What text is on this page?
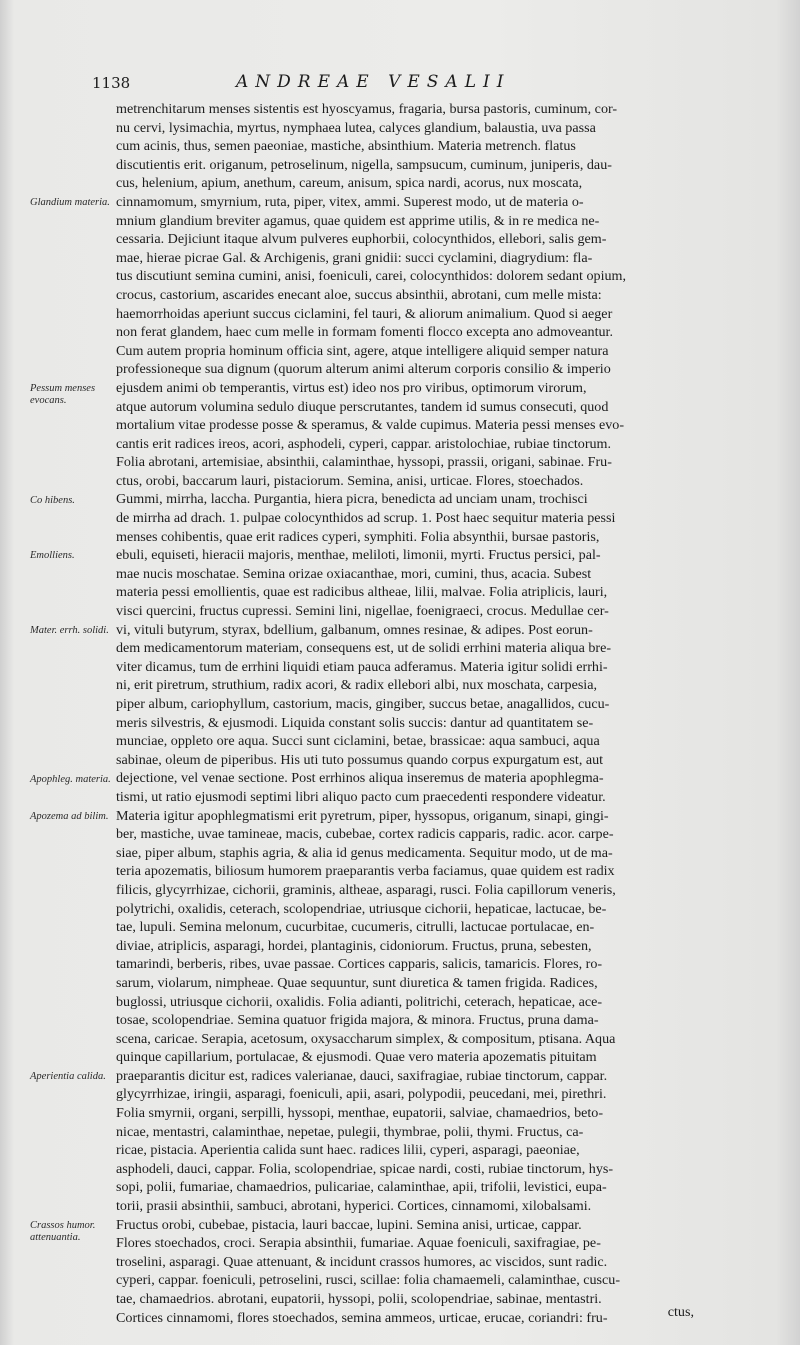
1138	ANDREAE VESALII
Glandium materia.
Pessum menses evocans.
Co hibens.
Emolliens.
Mater. errh. solidi.
Apophleg. materia.
Apozema ad bilim.
Aperientia calida.
Crassos humor. attenuantia.
metrenchitarum menses sistentis est hyoscyamus, fragaria, bursa pastoris, cuminum, cor-
nu cervi, lysimachia, myrtus, nymphaea lutea, calyces glandium, balaustia, uva passa
cum acinis, thus, semen paeoniae, mastiche, absinthium. Materia metrench. flatus
discutientis erit. origanum, petroselinum, nigella, sampsucum, cuminum, juniperis, dau-
cus, helenium, apium, anethum, careum, anisum, spica nardi, acorus, nux moscata,
cinnamomum, smyrnium, ruta, piper, vitex, ammi. Superest modo, ut de materia o-
mnium glandium breviter agamus, quae quidem est apprime utilis, & in re medica ne-
cessaria. Dejiciunt itaque alvum pulveres euphorbii, colocynthidos, ellebori, salis gem-
mae, hierae picrae Gal. & Archigenis, grani gnidii: succi cyclamini, diagrydium: fla-
tus discutiunt semina cumini, anisi, foeniculi, carei, colocynthidos: dolorem sedant opium,
crocus, castorium, ascarides enecant aloe, succus absinthii, abrotani, cum melle mista:
haemorrhoidas aperiunt succus ciclamini, fel tauri, & aliorum animalium. Quod si aeger
non ferat glandem, haec cum melle in formam fomenti flocco excepta ano admoveantur.
Cum autem propria hominum officia sint, agere, atque intelligere aliquid semper natura
professioneque sua dignum (quorum alterum animi alterum corporis consilio & imperio
ejusdem animi ob temperantis, virtus est) ideo nos pro viribus, optimorum virorum,
atque autorum volumina sedulo diuque perscrutantes, tandem id sumus consecuti, quod
mortalium vitae prodesse posse & speramus, & valde cupimus. Materia pessi menses evo-
cantis erit radices ireos, acori, asphodeli, cyperi, cappar. aristolochiae, rubiae tinctorum.
Folia abrotani, artemisiae, absinthii, calaminthae, hyssopi, prassii, origani, sabinae. Fru-
ctus, orobi, baccarum lauri, pistaciorum. Semina, anisi, urticae. Flores, stoechados.
Gummi, mirrha, laccha. Purgantia, hiera picra, benedicta ad unciam unam, trochisci
de mirrha ad drach. 1. pulpae colocynthidos ad scrup. 1. Post haec sequitur materia pessi
menses cohibentis, quae erit radices cyperi, symphiti. Folia absynthii, bursae pastoris,
ebuli, equiseti, hieracii majoris, menthae, meliloti, limonii, myrti. Fructus persici, pal-
mae nucis moschatae. Semina orizae oxiacanthae, mori, cumini, thus, acacia. Subest
materia pessi emollientis, quae est radicibus altheae, lilii, malvae. Folia atriplicis, lauri,
visci quercini, fructus cupressi. Semini lini, nigellae, foenigraeci, crocus. Medullae cer-
vi, vituli butyrum, styrax, bdellium, galbanum, omnes resinae, & adipes. Post eorun-
dem medicamentorum materiam, consequens est, ut de solidi errhini materia aliqua bre-
viter dicamus, tum de errhini liquidi etiam pauca adferamus. Materia igitur solidi errhi-
ni, erit piretrum, struthium, radix acori, & radix ellebori albi, nux moschata, carpesia,
piper album, cariophyllum, castorium, macis, gingiber, succus betae, anagallidos, cucu-
meris silvestris, & ejusmodi. Liquida constant solis succis: dantur ad quantitatem se-
munciae, oppleto ore aqua. Succi sunt ciclamini, betae, brassicae: aqua sambuci, aqua
sabinae, oleum de piperibus. His uti tuto possumus quando corpus expurgatum est, aut
dejectione, vel venae sectione. Post errhinos aliqua inseremus de materia apophlegma-
tismi, ut ratio ejusmodi septimi libri aliquo pacto cum praecedenti respondere videatur.
Materia igitur apophlegmatismi erit pyretrum, piper, hyssopus, origanum, sinapi, gingi-
ber, mastiche, uvae tamineae, macis, cubebae, cortex radicis capparis, radic. acor. carpe-
siae, piper album, staphis agria, & alia id genus medicamenta. Sequitur modo, ut de ma-
teria apozematis, biliosum humorem praeparantis verba faciamus, quae quidem est radix
filicis, glycyrrhizae, cichorii, graminis, altheae, asparagi, rusci. Folia capillorum veneris,
polytrichi, oxalidis, ceterach, scolopendriae, utriusque cichorii, hepaticae, lactucae, be-
tae, lupuli. Semina melonum, cucurbitae, cucumeris, citrulli, lactucae portulacae, en-
diviae, atriplicis, asparagi, hordei, plantaginis, cidoniorum. Fructus, pruna, sebesten,
tamarindi, berberis, ribes, uvae passae. Cortices capparis, salicis, tamaricis. Flores, ro-
sarum, violarum, nimpheae. Quae sequuntur, sunt diuretica & tamen frigida. Radices,
buglossi, utriusque cichorii, oxalidis. Folia adianti, politrichi, ceterach, hepaticae, ace-
tosae, scolopendriae. Semina quatuor frigida majora, & minora. Fructus, pruna dama-
scena, caricae. Serapia, acetosum, oxysaccharum simplex, & compositum, ptisana. Aqua
quinque capillarium, portulacae, & ejusmodi. Quae vero materia apozematis pituitam
praeparantis dicitur est, radices valerianae, dauci, saxifragiae, rubiae tinctorum, cappar.
glycyrrhizae, iringii, asparagi, foeniculi, apii, asari, polypodii, peucedani, mei, pirethri.
Folia smyrnii, organi, serpilli, hyssopi, menthae, eupatorii, salviae, chamaedrios, beto-
nicae, mentastri, calaminthae, nepetae, pulegii, thymbrae, polii, thymi. Fructus, ca-
ricae, pistacia. Aperientia calida sunt haec. radices lilii, cyperi, asparagi, paeoniae,
asphodeli, dauci, cappar. Folia, scolopendriae, spicae nardi, costi, rubiae tinctorum, hys-
sopi, polii, fumariae, chamaedrios, pulicariae, calaminthae, apii, trifolii, levistici, eupa-
torii, prasii absinthii, sambuci, abrotani, hyperici. Cortices, cinnamomi, xilobalsami.
Fructus orobi, cubebae, pistacia, lauri baccae, lupini. Semina anisi, urticae, cappar.
Flores stoechados, croci. Serapia absinthii, fumariae. Aquae foeniculi, saxifragiae, pe-
troselini, asparagi. Quae attenuant, & incidunt crassos humores, ac viscidos, sunt radic.
cyperi, cappar. foeniculi, petroselini, rusci, scillae: folia chamaemeli, calaminthae, cuscu-
tae, chamaedrios. abrotani, eupatorii, hyssopi, polii, scolopendriae, sabinae, mentastri.
Cortices cinnamomi, flores stoechados, semina ammeos, urticae, erucae, coriandri: fru-	ctus,
